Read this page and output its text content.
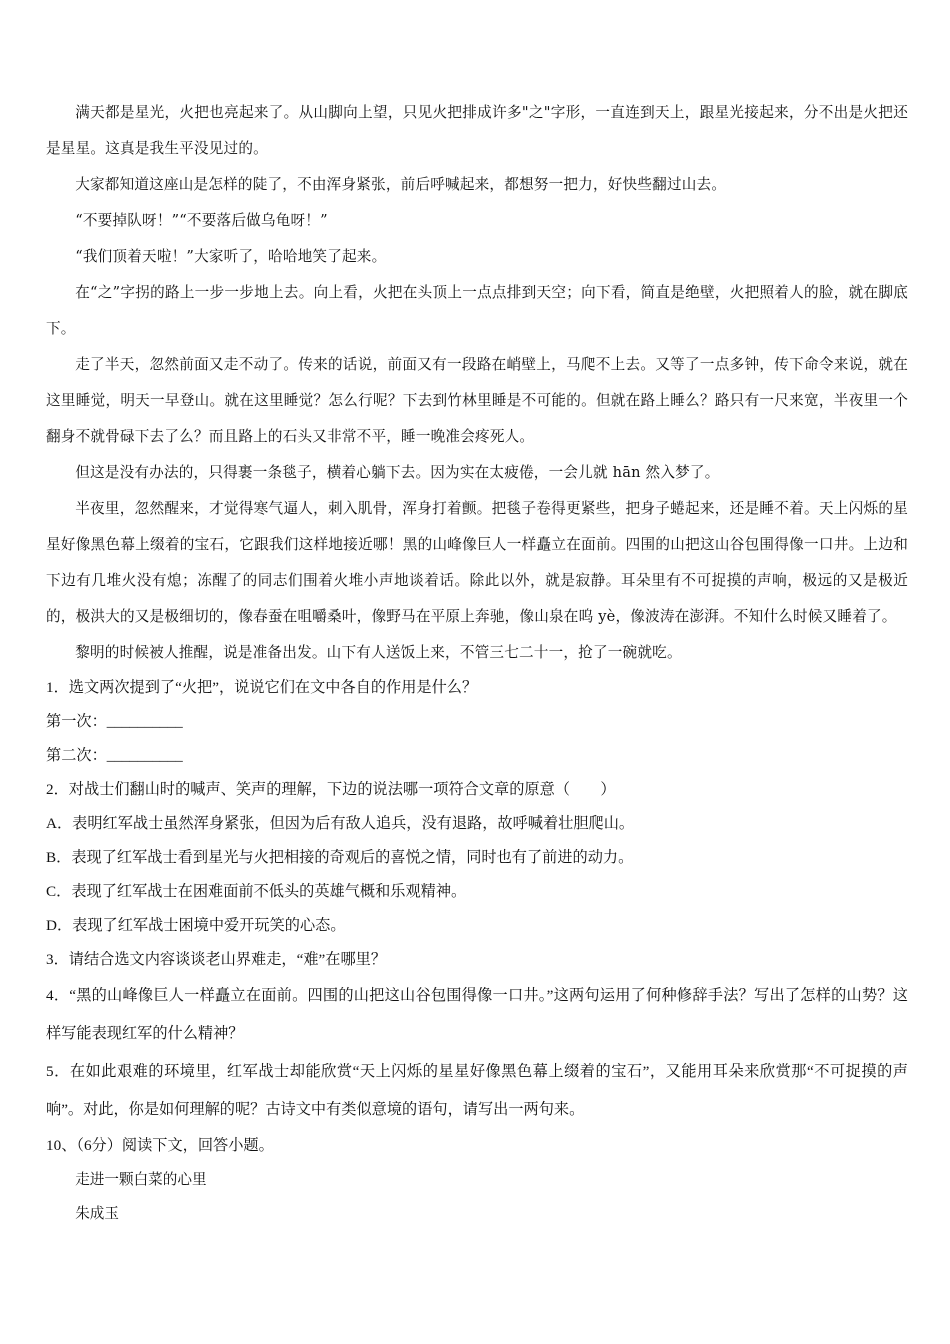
满天都是星光，火把也亮起来了。从山脚向上望，只见火把排成许多"之"字形，一直连到天上，跟星光接起来，分不出是火把还是星星。这真是我生平没见过的。

大家都知道这座山是怎样的陡了，不由浑身紧张，前后呼喊起来，都想努一把力，好快些翻过山去。

“不要掉队呀！”“不要落后做乌龟呀！”

“我们顶着天啦！”大家听了，哈哈地笑了起来。

在“之”字拐的路上一步一步地上去。向上看，火把在头顶上一点点排到天空；向下看，简直是绝壁，火把照着人的脸，就在脚底下。

走了半天，忽然前面又走不动了。传来的话说，前面又有一段路在峭壁上，马爬不上去。又等了一点多钟，传下命令来说，就在这里睡觉，明天一早登山。就在这里睡觉？怎么行呢？下去到竹林里睡是不可能的。但就在路上睡么？路只有一尺来宽，半夜里一个翻身不就骨碌下去了么？而且路上的石头又非常不平，睡一晚准会疼死人。

但这是没有办法的，只得裹一条毯子，横着心躺下去。因为实在太疲倦，一会儿就 hān 然入梦了。

半夜里，忽然醒来，才觉得寒气逼人，刺入肌骨，浑身打着颤。把毯子卷得更紧些，把身子蜷起来，还是睡不着。天上闪烁的星星好像黑色幕上缀着的宝石，它跟我们这样地接近哪！黑的山峰像巨人一样矗立在面前。四围的山把这山谷包围得像一口井。上边和下边有几堆火没有熄；冻醒了的同志们围着火堆小声地谈着话。除此以外，就是寂静。耳朵里有不可捉摸的声响，极远的又是极近的，极洪大的又是极细切的，像春蚕在咀嚼桑叶，像野马在平原上奔驰，像山泉在呜 yè，像波涛在澎湃。不知什么时候又睡着了。

黎明的时候被人推醒，说是准备出发。山下有人送饭上来，不管三七二十一，抢了一碗就吃。

1．选文两次提到了“火把”，说说它们在文中各自的作用是什么？

第一次：__________

第二次：__________

2．对战士们翻山时的喊声、笑声的理解，下边的说法哪一项符合文章的原意（　　）

A．表明红军战士虽然浑身紧张，但因为后有敌人追兵，没有退路，故呼喊着壮胆爬山。

B．表现了红军战士看到星光与火把相接的奇观后的喜悦之情，同时也有了前进的动力。

C．表现了红军战士在困难面前不低头的英雄气概和乐观精神。

D．表现了红军战士困境中爱开玩笑的心态。

3．请结合选文内容谈谈老山界难走，“难”在哪里？

4．“黑的山峰像巨人一样矗立在面前。四围的山把这山谷包围得像一口井。”这两句运用了何种修辞手法？写出了怎样的山势？这样写能表现红军的什么精神？

5．在如此艰难的环境里，红军战士却能欣赏“天上闪烁的星星好像黑色幕上缀着的宝石”，又能用耳朵来欣赏那“不可捉摸的声响”。对此，你是如何理解的呢？古诗文中有类似意境的语句，请写出一两句来。

10、（6分）阅读下文，回答小题。

走进一颗白菜的心里

朱成玉
